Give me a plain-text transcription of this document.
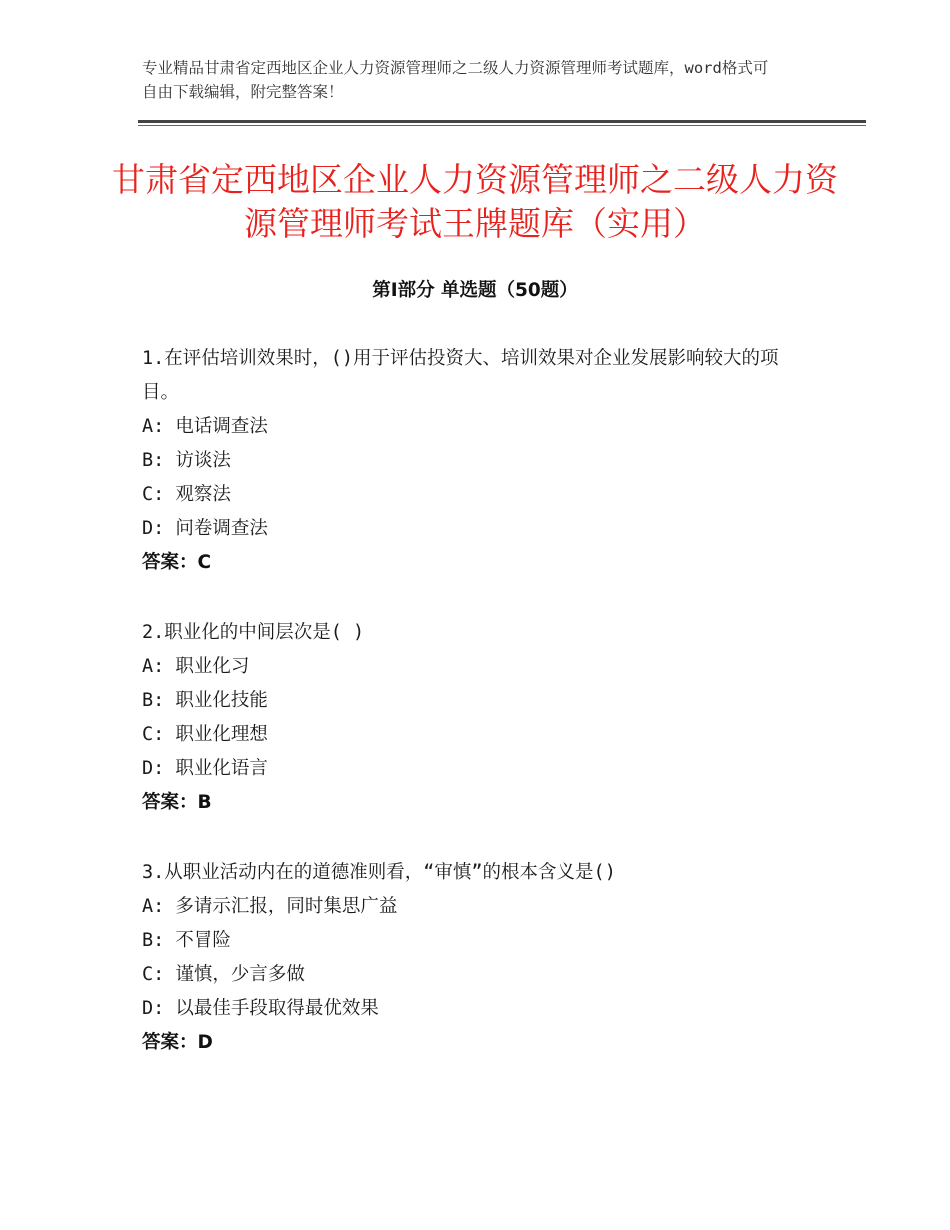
专业精品甘肃省定西地区企业人力资源管理师之二级人力资源管理师考试题库，word格式可自由下载编辑，附完整答案！
甘肃省定西地区企业人力资源管理师之二级人力资源管理师考试王牌题库（实用）
第Ⅰ部分 单选题（50题）
1.在评估培训效果时，()用于评估投资大、培训效果对企业发展影响较大的项目。
A: 电话调查法
B: 访谈法
C: 观察法
D: 问卷调查法
答案：C
2.职业化的中间层次是( )
A: 职业化习
B: 职业化技能
C: 职业化理想
D: 职业化语言
答案：B
3.从职业活动内在的道德准则看，“审慎”的根本含义是()
A: 多请示汇报，同时集思广益
B: 不冒险
C: 谨慎，少言多做
D: 以最佳手段取得最优效果
答案：D
